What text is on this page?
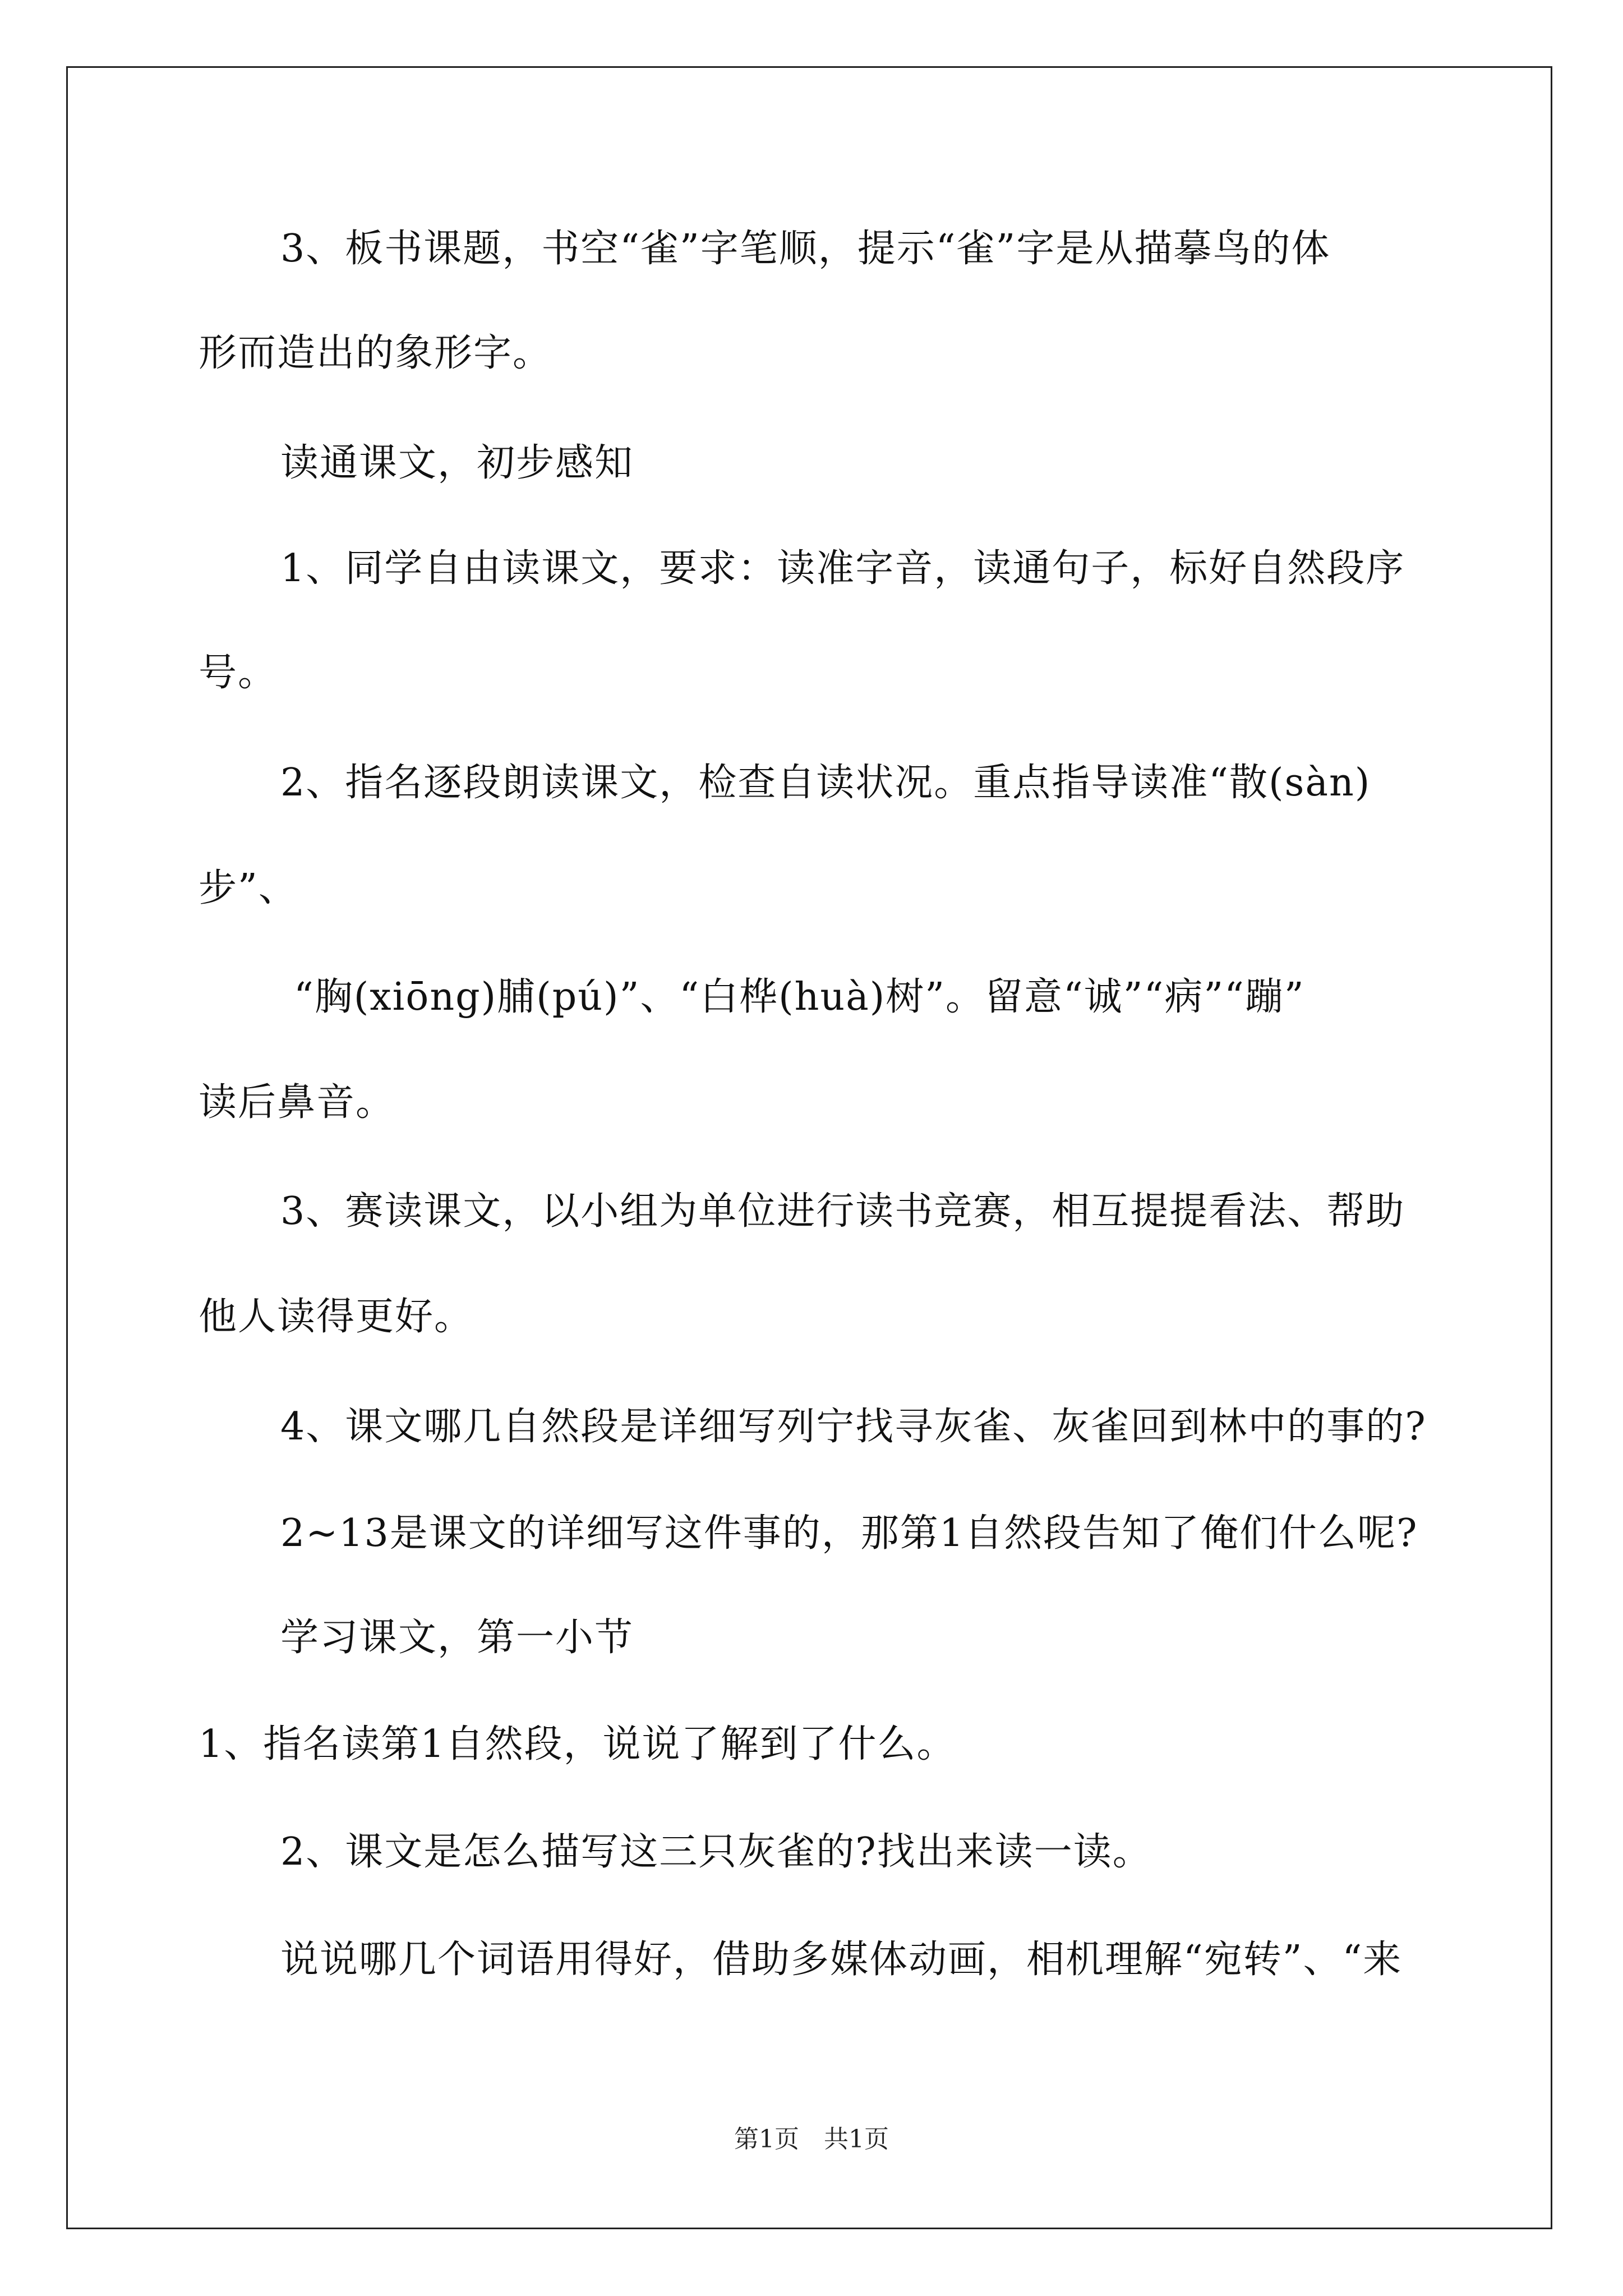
3、板书课题，书空“雀”字笔顺，提示“雀”字是从描摹鸟的体
形而造出的象形字。
读通课文，初步感知
1、同学自由读课文，要求：读准字音，读通句子，标好自然段序
号。
2、指名逐段朗读课文，检查自读状况。重点指导读准“散(sàn)
步”、
“胸(xiōng)脯(pú)”、“白桦(huà)树”。留意“诚”“病”“蹦”
读后鼻音。
3、赛读课文，以小组为单位进行读书竞赛，相互提提看法、帮助
他人读得更好。
4、课文哪几自然段是详细写列宁找寻灰雀、灰雀回到林中的事的?
2~13是课文的详细写这件事的，那第1自然段告知了俺们什么呢?
学习课文，第一小节
1、指名读第1自然段，说说了解到了什么。
2、课文是怎么描写这三只灰雀的?找出来读一读。
说说哪几个词语用得好，借助多媒体动画，相机理解“宛转”、“来
第1页　共1页
